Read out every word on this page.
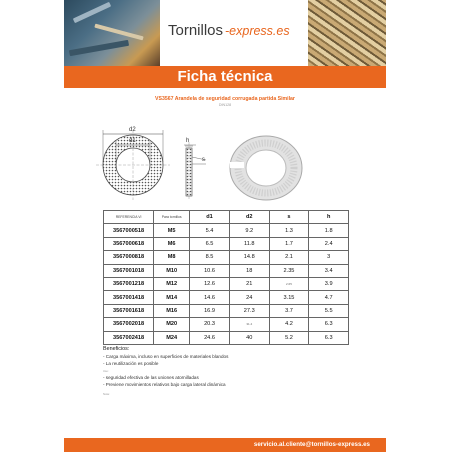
Tornillos -express.es
Ficha técnica
VS3567 Arandela de seguridad corrugada partida Similar
DIN128
d2
d1	h
s
REFERENCIA VI	Para tornillos	d1	d2	s	h
3567000518	M5	5.4	9.2	1.3	1.8
3567000618	M6	6.5	11.8	1.7	2.4
3567000818	M8	8.5	14.8	2.1	3
3567001018	M10	10.6	18	2.35	3.4
3567001218	M12	12.6	21	2.65	3.9
3567001418	M14	14.6	24	3.15	4.7
3567001618	M16	16.9	27.3	3.7	5.5
3567002018	M20	20.3	31.4	4.2	6.3
3567002418	M24	24.6	40	5.2	6.3
Beneficios:
- Carga máxima, incluso en superficies de materiales blandos
- La reutilización es posible
Uso:
- seguridad efectiva de las uniones atornilladas
- Previene movimientos relativos bajo carga lateral dinámica
Nota:
servicio.al.cliente@tornillos-express.es
